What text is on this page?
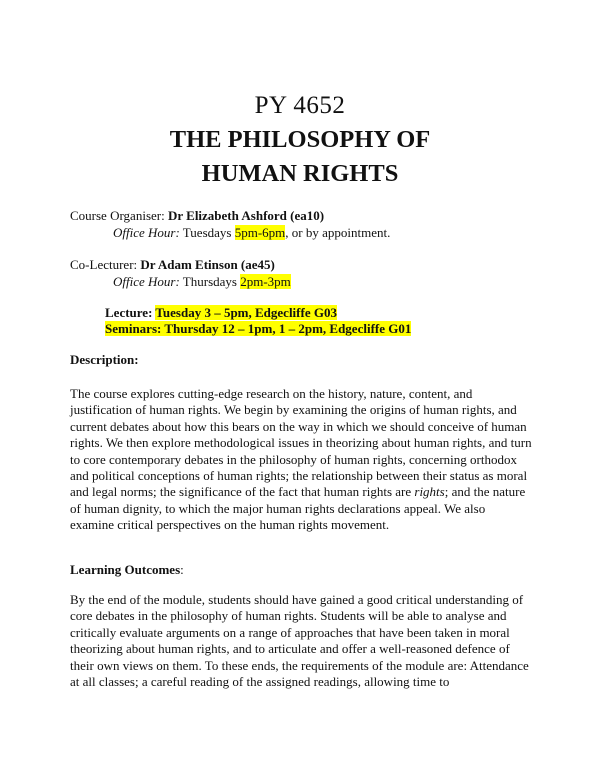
PY 4652
THE PHILOSOPHY OF
HUMAN RIGHTS
Course Organiser: Dr Elizabeth Ashford (ea10)
Office Hour: Tuesdays 5pm-6pm, or by appointment.
Co-Lecturer: Dr Adam Etinson (ae45)
Office Hour: Thursdays 2pm-3pm
Lecture: Tuesday 3 – 5pm, Edgecliffe G03
Seminars: Thursday 12 – 1pm, 1 – 2pm, Edgecliffe G01
Description:
The course explores cutting-edge research on the history, nature, content, and justification of human rights. We begin by examining the origins of human rights, and current debates about how this bears on the way in which we should conceive of human rights. We then explore methodological issues in theorizing about human rights, and turn to core contemporary debates in the philosophy of human rights, concerning orthodox and political conceptions of human rights; the relationship between their status as moral and legal norms; the significance of the fact that human rights are rights; and the nature of human dignity, to which the major human rights declarations appeal. We also examine critical perspectives on the human rights movement.
Learning Outcomes:
By the end of the module, students should have gained a good critical understanding of core debates in the philosophy of human rights. Students will be able to analyse and critically evaluate arguments on a range of approaches that have been taken in moral theorizing about human rights, and to articulate and offer a well-reasoned defence of their own views on them. To these ends, the requirements of the module are: Attendance at all classes; a careful reading of the assigned readings, allowing time to
